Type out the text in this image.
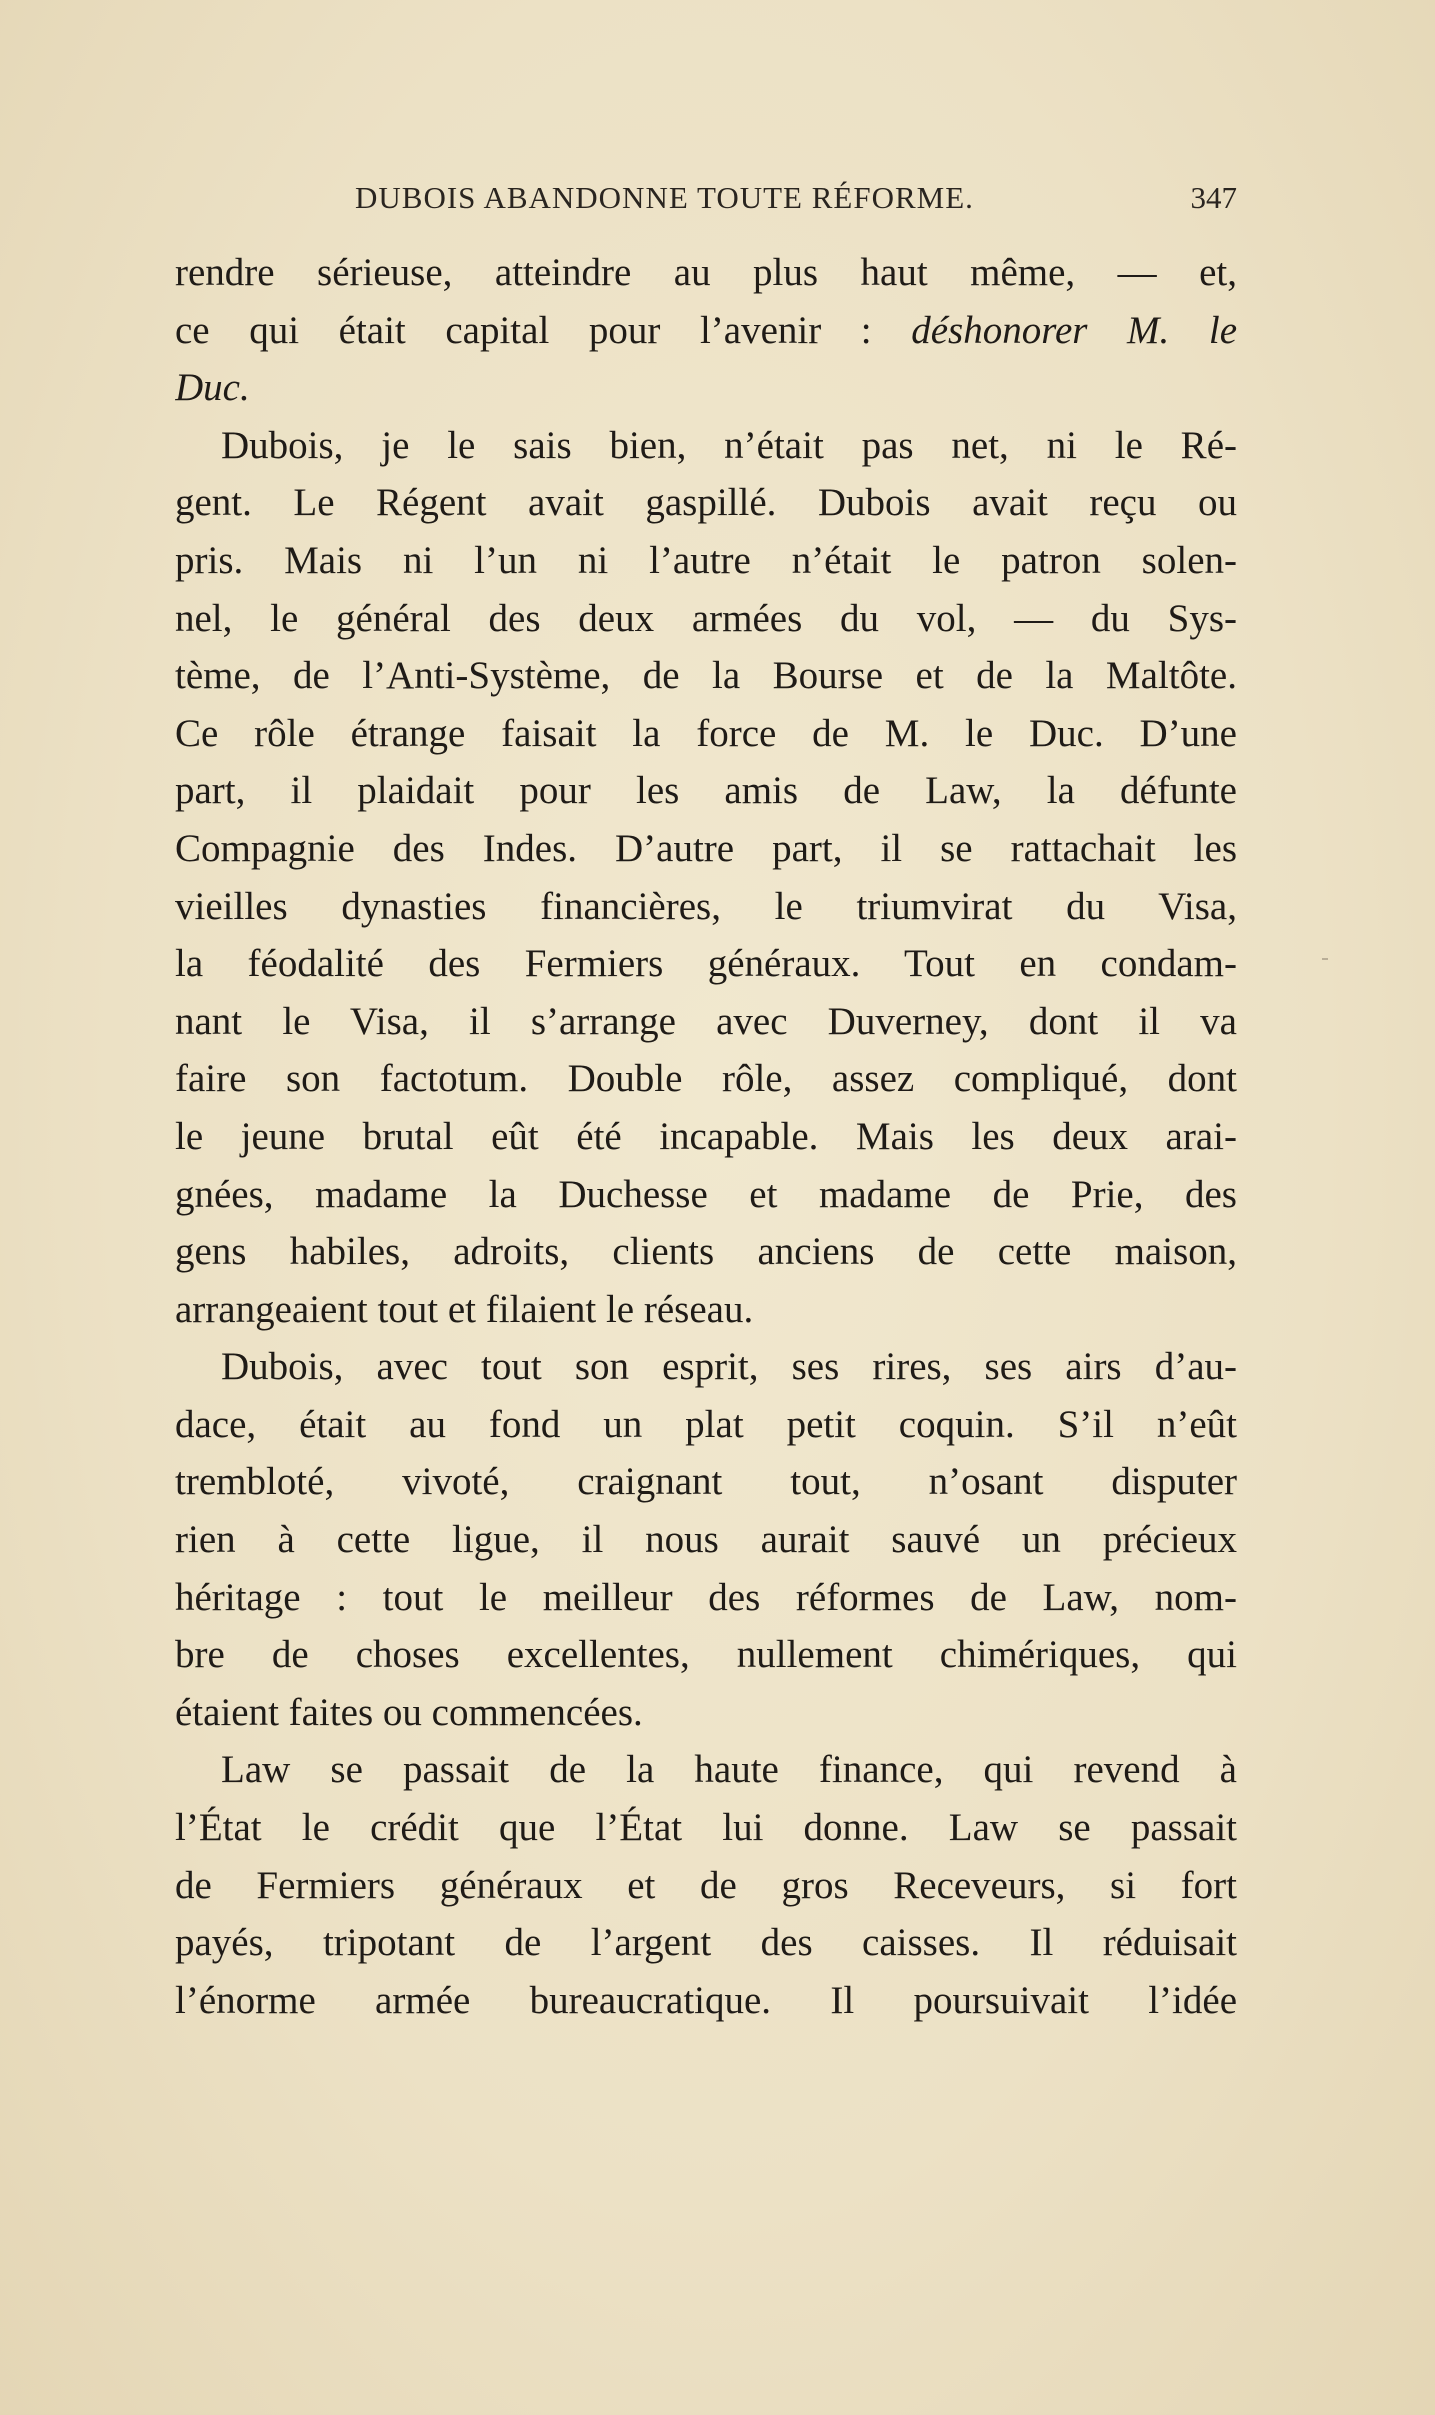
DUBOIS ABANDONNE TOUTE RÉFORME.	347
rendre sérieuse, atteindre au plus haut même, — et,
ce qui était capital pour l’avenir : déshonorer M. le
Duc.
Dubois, je le sais bien, n’était pas net, ni le Ré-
gent. Le Régent avait gaspillé. Dubois avait reçu ou
pris. Mais ni l’un ni l’autre n’était le patron solen-
nel, le général des deux armées du vol, — du Sys-
tème, de l’Anti-Système, de la Bourse et de la Maltôte.
Ce rôle étrange faisait la force de M. le Duc. D’une
part, il plaidait pour les amis de Law, la défunte
Compagnie des Indes. D’autre part, il se rattachait les
vieilles dynasties financières, le triumvirat du Visa,
la féodalité des Fermiers généraux. Tout en condam-
nant le Visa, il s’arrange avec Duverney, dont il va
faire son factotum. Double rôle, assez compliqué, dont
le jeune brutal eût été incapable. Mais les deux arai-
gnées, madame la Duchesse et madame de Prie, des
gens habiles, adroits, clients anciens de cette maison,
arrangeaient tout et filaient le réseau.
Dubois, avec tout son esprit, ses rires, ses airs d’au-
dace, était au fond un plat petit coquin. S’il n’eût
trembloté, vivoté, craignant tout, n’osant disputer
rien à cette ligue, il nous aurait sauvé un précieux
héritage : tout le meilleur des réformes de Law, nom-
bre de choses excellentes, nullement chimériques, qui
étaient faites ou commencées.
Law se passait de la haute finance, qui revend à
l’État le crédit que l’État lui donne. Law se passait
de Fermiers généraux et de gros Receveurs, si fort
payés, tripotant de l’argent des caisses. Il réduisait
l’énorme armée bureaucratique. Il poursuivait l’idée
